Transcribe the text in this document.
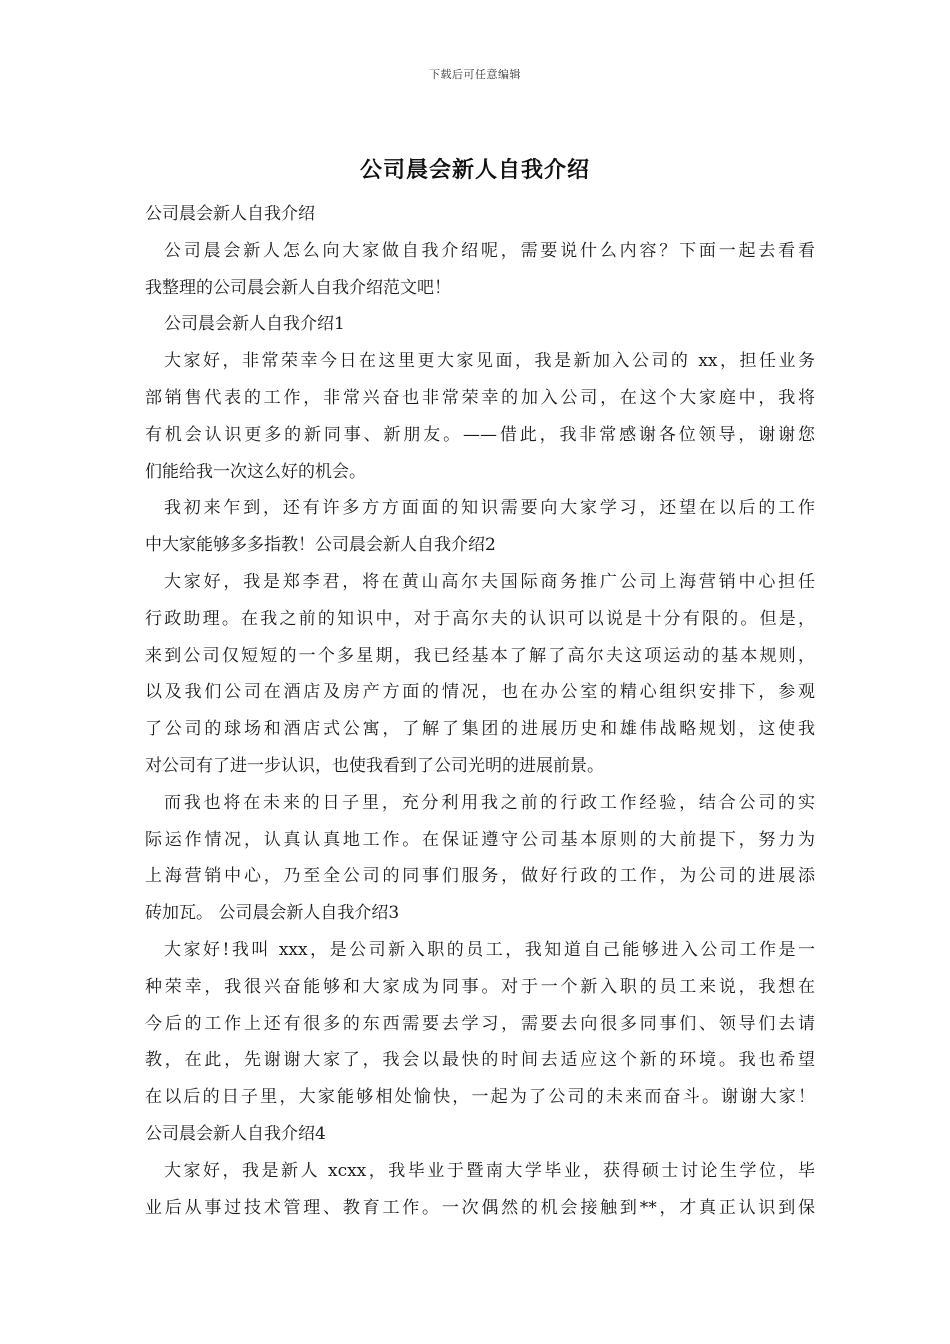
下载后可任意编辑
公司晨会新人自我介绍
公司晨会新人自我介绍
公司晨会新人怎么向大家做自我介绍呢，需要说什么内容？下面一起去看看
我整理的公司晨会新人自我介绍范文吧！
公司晨会新人自我介绍1
大家好，非常荣幸今日在这里更大家见面，我是新加入公司的 xx，担任业务
部销售代表的工作，非常兴奋也非常荣幸的加入公司，在这个大家庭中，我将
有机会认识更多的新同事、新朋友。——借此，我非常感谢各位领导，谢谢您
们能给我一次这么好的机会。
我初来乍到，还有许多方方面面的知识需要向大家学习，还望在以后的工作
中大家能够多多指教！公司晨会新人自我介绍2
大家好，我是郑李君，将在黄山高尔夫国际商务推广公司上海营销中心担任
行政助理。在我之前的知识中，对于高尔夫的认识可以说是十分有限的。但是，
来到公司仅短短的一个多星期，我已经基本了解了高尔夫这项运动的基本规则，
以及我们公司在酒店及房产方面的情况，也在办公室的精心组织安排下，参观
了公司的球场和酒店式公寓，了解了集团的进展历史和雄伟战略规划，这使我
对公司有了进一步认识，也使我看到了公司光明的进展前景。
而我也将在未来的日子里，充分利用我之前的行政工作经验，结合公司的实
际运作情况，认真认真地工作。在保证遵守公司基本原则的大前提下，努力为
上海营销中心，乃至全公司的同事们服务，做好行政的工作，为公司的进展添
砖加瓦。 公司晨会新人自我介绍3
大家好!我叫 xxx，是公司新入职的员工，我知道自己能够进入公司工作是一
种荣幸，我很兴奋能够和大家成为同事。对于一个新入职的员工来说，我想在
今后的工作上还有很多的东西需要去学习，需要去向很多同事们、领导们去请
教，在此，先谢谢大家了，我会以最快的时间去适应这个新的环境。我也希望
在以后的日子里，大家能够相处愉快，一起为了公司的未来而奋斗。谢谢大家！
公司晨会新人自我介绍4
大家好，我是新人 xcxx，我毕业于暨南大学毕业，获得硕士讨论生学位，毕
业后从事过技术管理、教育工作。一次偶然的机会接触到**，才真正认识到保
